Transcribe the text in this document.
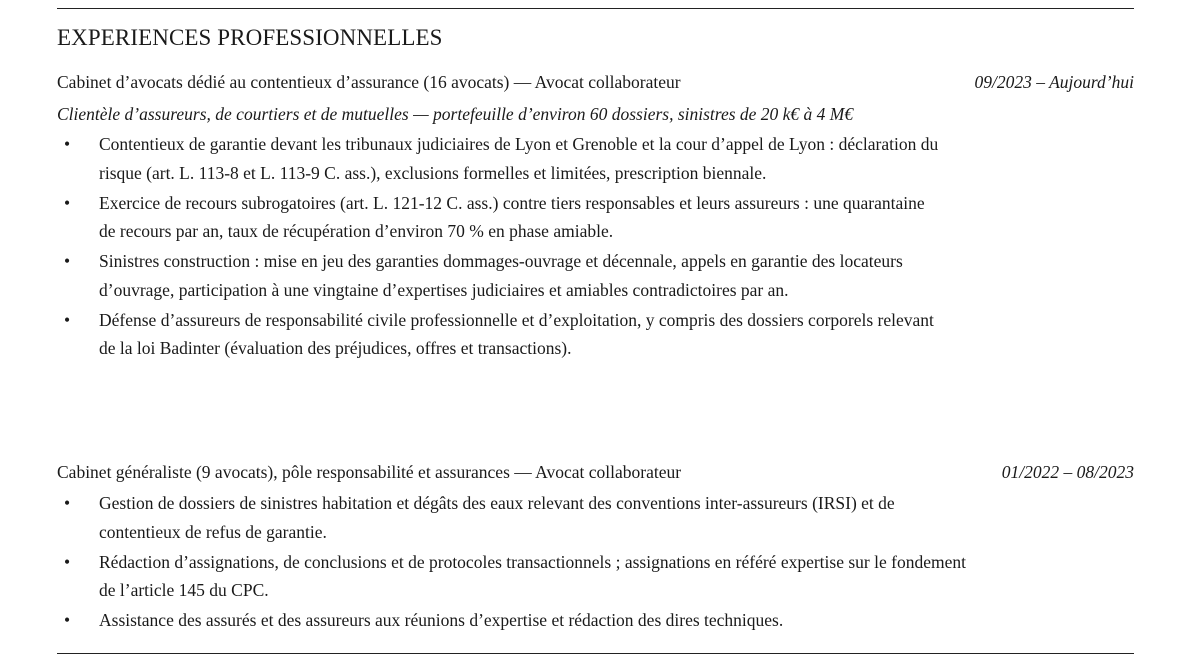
EXPERIENCES PROFESSIONNELLES
Cabinet d’avocats dédié au contentieux d’assurance (16 avocats) — Avocat collaborateur	09/2023 – Aujourd’hui
Clientèle d’assureurs, de courtiers et de mutuelles — portefeuille d’environ 60 dossiers, sinistres de 20 k€ à 4 M€
• Contentieux de garantie devant les tribunaux judiciaires de Lyon et Grenoble et la cour d’appel de Lyon : déclaration du risque (art. L. 113-8 et L. 113-9 C. ass.), exclusions formelles et limitées, prescription biennale.
• Exercice de recours subrogatoires (art. L. 121-12 C. ass.) contre tiers responsables et leurs assureurs : une quarantaine de recours par an, taux de récupération d’environ 70 % en phase amiable.
• Sinistres construction : mise en jeu des garanties dommages-ouvrage et décennale, appels en garantie des locateurs d’ouvrage, participation à une vingtaine d’expertises judiciaires et amiables contradictoires par an.
• Défense d’assureurs de responsabilité civile professionnelle et d’exploitation, y compris des dossiers corporels relevant de la loi Badinter (évaluation des préjudices, offres et transactions).
Cabinet généraliste (9 avocats), pôle responsabilité et assurances — Avocat collaborateur	01/2022 – 08/2023
• Gestion de dossiers de sinistres habitation et dégâts des eaux relevant des conventions inter-assureurs (IRSI) et de contentieux de refus de garantie.
• Rédaction d’assignations, de conclusions et de protocoles transactionnels ; assignations en référé expertise sur le fondement de l’article 145 du CPC.
• Assistance des assurés et des assureurs aux réunions d’expertise et rédaction des dires techniques.
